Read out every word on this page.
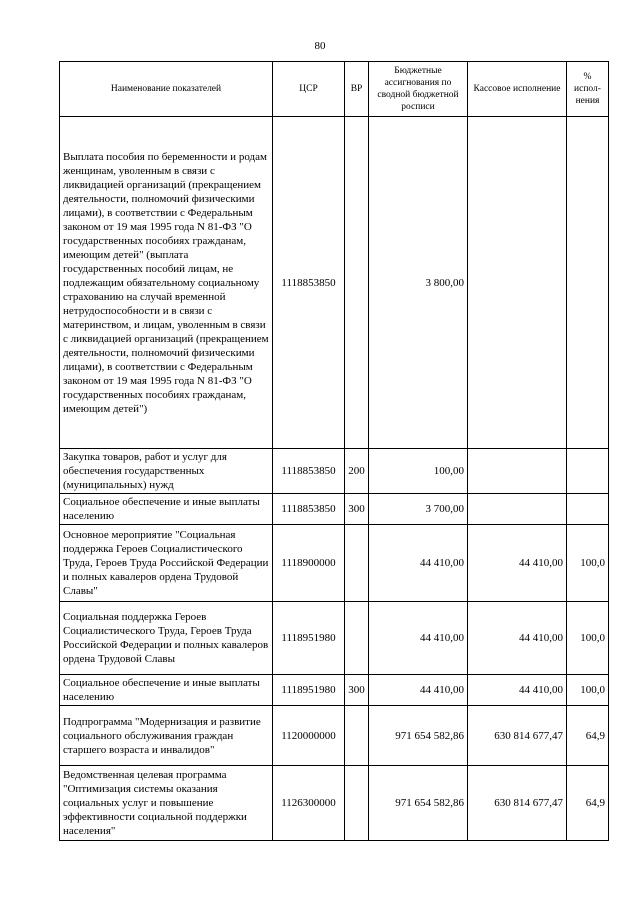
80
Наименование показателей	ЦСР	ВР	Бюджетные ассигнования по сводной бюджетной росписи	Кассовое исполнение	% испол-нения
Выплата пособия по беременности и родам женщинам, уволенным в связи с ликвидацией организаций (прекращением деятельности, полномочий физическими лицами), в соответствии с Федеральным законом от 19 мая 1995 года N 81-ФЗ "О государственных пособиях гражданам, имеющим детей" (выплата государственных пособий лицам, не подлежащим обязательному социальному страхованию на случай временной нетрудоспособности и в связи с материнством, и лицам, уволенным в связи с ликвидацией организаций (прекращением деятельности, полномочий физическими лицами), в соответствии с Федеральным законом от 19 мая 1995 года N 81-ФЗ "О государственных пособиях гражданам, имеющим детей")	1118853850		3 800,00		
Закупка товаров, работ и услуг для обеспечения государственных (муниципальных) нужд	1118853850	200	100,00		
Социальное обеспечение и иные выплаты населению	1118853850	300	3 700,00		
Основное мероприятие "Социальная поддержка Героев Социалистического Труда, Героев Труда Российской Федерации и полных кавалеров ордена Трудовой Славы"	1118900000		44 410,00	44 410,00	100,0
Социальная поддержка Героев Социалистического Труда, Героев Труда Российской Федерации и полных кавалеров ордена Трудовой Славы	1118951980		44 410,00	44 410,00	100,0
Социальное обеспечение и иные выплаты населению	1118951980	300	44 410,00	44 410,00	100,0
Подпрограмма "Модернизация и развитие социального обслуживания граждан старшего возраста и инвалидов"	1120000000		971 654 582,86	630 814 677,47	64,9
Ведомственная целевая программа "Оптимизация системы оказания социальных услуг и повышение эффективности социальной поддержки населения"	1126300000		971 654 582,86	630 814 677,47	64,9
